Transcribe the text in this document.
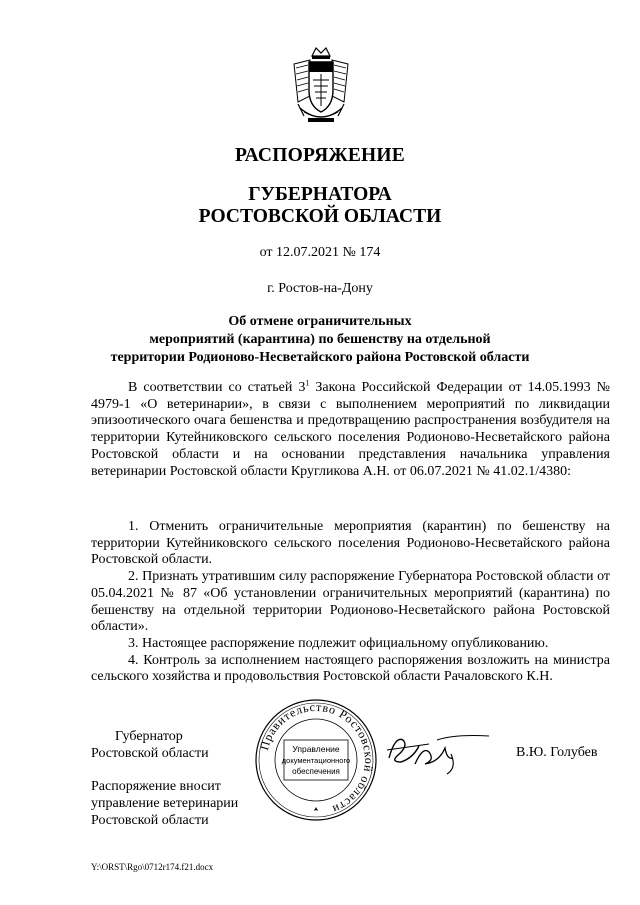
РАСПОРЯЖЕНИЕ
ГУБЕРНАТОРА
РОСТОВСКОЙ ОБЛАСТИ
от 12.07.2021 № 174
г. Ростов-на-Дону
Об отмене ограничительных
мероприятий (карантина) по бешенству на отдельной
территории Родионово-Несветайского района Ростовской области

В соответствии со статьей $3^1$ Закона Российской Федерации от 14.05.1993 № 4979-1 «О ветеринарии», в связи с выполнением мероприятий по ликвидации эпизоотического очага бешенства и предотвращению распространения возбудителя на территории Кутейниковского сельского поселения Родионово-Несветайского района Ростовской области и на основании представления начальника управления ветеринарии Ростовской области Кругликова А.Н. от 06.07.2021 № 41.02.1/4380:

1. Отменить ограничительные мероприятия (карантин) по бешенству на территории Кутейниковского сельского поселения Родионово-Несветайского района Ростовской области.

2. Признать утратившим силу распоряжение Губернатора Ростовской области от 05.04.2021 № 87 «Об установлении ограничительных мероприятий (карантина) по бешенству на отдельной территории Родионово-Несветайского района Ростовской области».

3. Настоящее распоряжение подлежит официальному опубликованию.

4. Контроль за исполнением настоящего распоряжения возложить на министра сельского хозяйства и продовольствия Ростовской области Рачаловского К.Н.

Губернатор
Ростовской области
Правительство Ростовской области
Управление
документационного
обеспечения
В.Ю. Голубев
Распоряжение вносит
управление ветеринарии
Ростовской области
Y:\ORST\Rgo\0712r174.f21.docx
